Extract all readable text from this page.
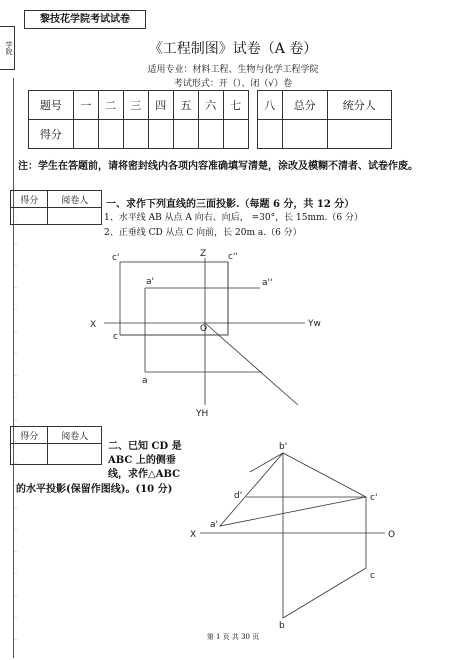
黎技花学院考试试卷
学院
.
.
.
.
.
.
.
.
.
.
.
.
.
.
.
.
.
.
.
.
《工程制图》试卷（A 卷）
适用专业：材料工程、生物与化学工程学院
考试形式：开（）、闭（√）卷
题号	一	二	三	四	五	六	七		八	总分	统分人
得分											
注：学生在答题前，请将密封线内各项内容准确填写清楚，涂改及模糊不清者、试卷作废。
得分	阅卷人
	一、求作下列直线的三面投影.（每题 6 分，共 12 分）
1、水平线 AB 从点 A 向右、向后， =30°，长 15mm.（6 分）
2、正垂线 CD 从点 C 向前，长 20m a.（6 分）
Z
X	O	Yw
YH
c'	c''
a'	a''
c
a
得分	阅卷人

二、已知 CD 是
ABC 上的侧垂
线，求作△ABC
的水平投影(保留作图线)。(10 分)
b'
d'	c'
a'
X	O
c
b
第 1 页 共 30 页
